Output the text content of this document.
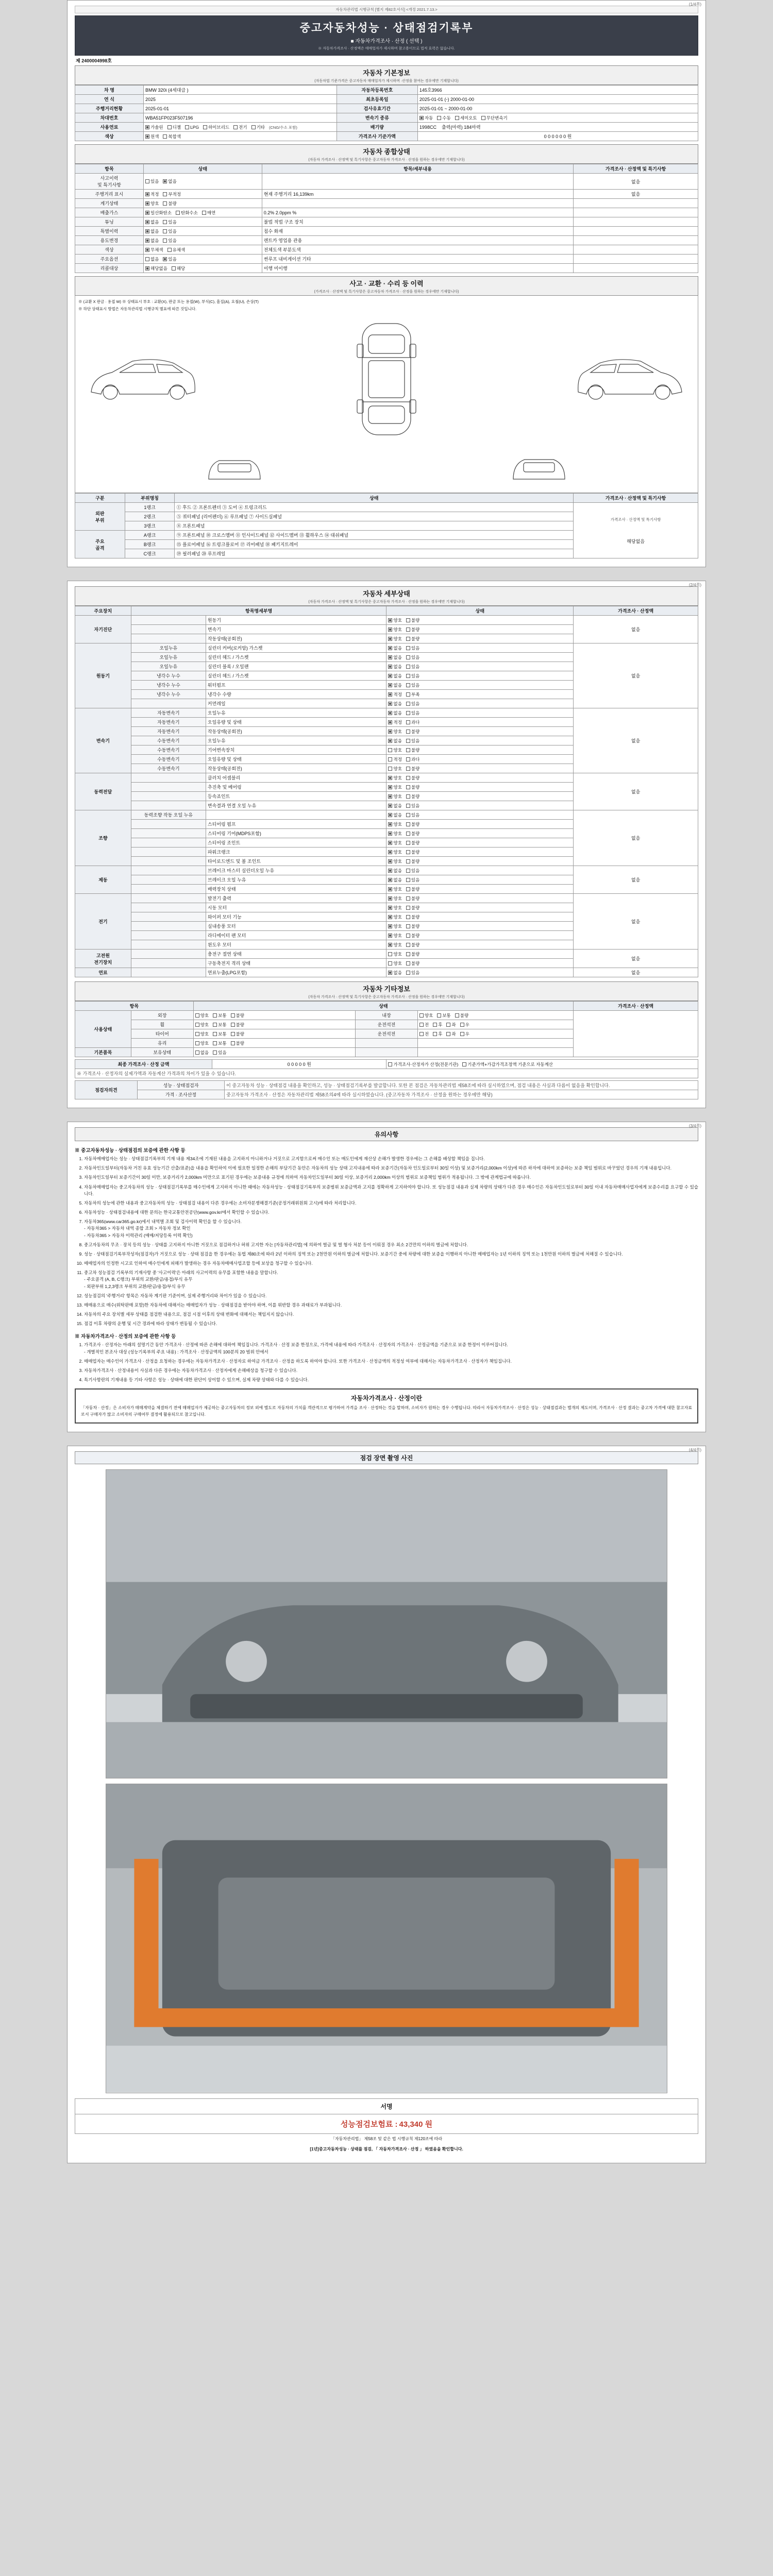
(1/4쪽)
자동차관리법 시행규칙 [별지 제82호서식] <개정 2021.7.13.>
중고자동차성능 · 상태점검기록부
■ 자동차가격조사 · 산정 ( 선택 )
※ 자동차가격조사 · 산정액은 매매업자가 제시하며 참고용이므로 법적 효력은 없습니다.
제 2400004998호
자동차 기본정보
(자동차법 기준가격은 중고자동차 매매업자가 제시하며 ·산정을 참여는 경우에만 기재합니다)
차 명	BMW 320i (4세대급 )	자동차등록번호	145호3966
연 식	2025	최초등록일	2025-01-01 (-) 2000-01-00
주행거리현황	2025-01-01	검사유효기간	2025-01-01 ~ 2000-01-00
차대번호	WBA51FP023F507196	변속기 종류	자동 수동 세미오토 무단변속기
사용연료	가솔린 디젤 LPG 하이브리드 전기 기타 (CNG/수소 포함)	배기량	1998CC 출력(마력) 184마력
색상	원색 복합색	가격조사 기준가액	0 0 0 0 0 0 원
자동차 종합상태
(자동차 가격조사 · 산정액 및 특기사항은 중고자동차 가격조사 · 산정을 원하는 경우에만 기재합니다)
항목	상태	항목/세부내용	가격조사 · 산정액 및 특기사항
사고이력
및 특기사항	있음 없음		없음
주행거리 표시	적정 부적정	현재 주행거리 16,139km	없음
계기상태	양호 불량		
배출가스	일산화탄소 탄화수소 매연	0.2% 2.0ppm %	
튜닝	없음 있음	불법 적법 구조 장치	
특별이력	없음 있음	침수 화재	
용도변경	없음 있음	렌트카 영업용 관용	
색상	무채색 유채색	전체도색 부분도색	
주요옵션	없음 있음	썬루프 내비게이션 기타	
리콜대상	해당없음 해당	이행 미이행	
사고 · 교환 · 수리 등 이력
(가격조사 · 산정액 및 특기사항은 중고자동차 가격조사 · 산정을 원하는 경우에만 기재합니다)
※ (교환 X 판금 · 용접 W) ※ 상태표시 부호 : 교환(X), 판금 또는 용접(W), 부식(C), 흠집(A), 요철(U), 손상(T)
※ 하단 상태표시 방법은 자동차관리법 시행규칙 별표에 따른 것입니다.
구분	부위명칭	상태	가격조사 · 산정액 및 특기사항
외판
부위	1랭크	① 후드 ② 프론트펜더 ③ 도어 ④ 트렁크리드	
가격조사 · 산정액 및 특기사항
해당없음

	2랭크	⑤ 쿼터패널 (리어펜더) ⑥ 루프패널 ⑦ 사이드실패널	
	3랭크	⑧ 프론트패널	
주요
골격	A랭크	⑨ 프론트패널 ⑩ 크로스멤버 ⑪ 인사이드패널 ⑫ 사이드멤버 ⑬ 휠하우스 ⑭ 대쉬패널	
	B랭크	⑮ 플로어패널 ⑯ 트렁크플로어 ⑰ 리어패널 ⑱ 패키지트레이	
	C랭크	⑲ 필러패널 ⑳ 루프레일	
(2/4쪽)
자동차 세부상태
(자동차 가격조사 · 산정액 및 특기사항은 중고자동차 가격조사 · 산정을 원하는 경우에만 기재합니다)
주요장치	항목명세부명		상태	가격조사 · 산정액
자기진단		원동기	양호 불량	없음
		변속기	양호 불량	
		작동상태(공회전)	양호 불량	
원동기	오일누유	실린더 커버(로커암) 가스켓	없음 있음	없음
	오일누유	실린더 헤드 / 가스켓	없음 있음	
	오일누유	실린더 블록 / 오일팬	없음 있음	
	냉각수 누수	실린더 헤드 / 가스켓	없음 있음	
	냉각수 누수	워터펌프	없음 있음	
	냉각수 누수	냉각수 수량	적정 부족	
		커먼레일	없음 있음	
변속기	자동변속기	오일누유	없음 있음	없음
	자동변속기	오일유량 및 상태	적정 과다	
	자동변속기	작동상태(공회전)	양호 불량	
	수동변속기	오일누유	없음 있음	
	수동변속기	기어변속장치	양호 불량	
	수동변속기	오일유량 및 상태	적정 과다	
	수동변속기	작동상태(공회전)	양호 불량	
동력전달		클러치 어셈블리	양호 불량	없음
		추진축 및 베어링	양호 불량	
		등속죠인트	양호 불량	
		변속결과 연결 오일 누유	없음 있음	
조향	동력조향 작동 오일 누유		없음 있음	없음
		스티어링 펌프	양호 불량	
		스티어링 기어(MDPS포함)	양호 불량	
		스티어링 조인트	양호 불량	
		파워크랭크	양호 불량	
		타이로드엔드 및 볼 조인트	양호 불량	
제동		브레이크 마스터 실린더오일 누유	없음 있음	없음
		브레이크 오일 누유	없음 있음	
		배력장치 상태	양호 불량	
전기		발전기 출력	양호 불량	없음
		시동 모터	양호 불량	
		와이퍼 모터 기능	양호 불량	
		실내송풍 모터	양호 불량	
		라디에이터 팬 모터	양호 불량	
		윈도우 모터	양호 불량	
고전원
전기장치		충전구 절연 상태	양호 불량	없음
		구동축전지 격리 상태	양호 불량	
연료		연료누출(LPG포함)	없음 있음	없음
자동차 기타정보
(자동차 가격조사 · 산정액 및 특기사항은 중고자동차 가격조사 · 산정을 원하는 경우에만 기재합니다)
항목		상태			가격조사 · 산정액
사용상태	외장	양호 보통 불량	내장	양호 보통 불량	
	휠	양호 보통 불량	운전석전	전 후 좌 우	
	타이어	양호 보통 불량	운전석전	전 후 좌 우	
	유리	양호 보통 불량			
기본품목	보유상태	없음 있음			
최종 가격조사 · 산정 금액	0 0 0 0 0 원	가격조사·산정자가 산정(전문기관) 기준가액+가감가격조정액 기준으로 자동계산
※ 가격조사 · 산정자의 실제가액과 자동계산 가격과의 차이가 있을 수 있습니다.
점검자의견	성능 · 상태점검자	이 중고자동차 성능 · 상태점검 내용을 확인하고, 성능 · 상태점검기록부를 발급합니다. 또한 본 점검은 자동차관리법 제58조에 따라 실시하였으며, 점검 내용은 사실과 다름이 없음을 확인합니다.
	가격 · 조사산정	중고자동차 가격조사 · 산정은 자동차관리법 제58조의4에 따라 실시하였습니다. (중고자동차 가격조사 · 산정을 원하는 경우에만 해당)
(3/4쪽)
유의사항
※ 중고자동차성능 · 상태점검의 보증에 관한 사항 등
1. 자동차매매업자는 성능 · 상태점검기록부의 기재 내용 제34조에 기재된 내용을 고지하지 아니하거나 거짓으로 고지함으로써 매수인 또는 매도인에게 재산상 손해가 발생한 경우에는 그 손해를 배상할 책임을 집니다.
2. 자동차인도일부터(자동차 거친 유효 성능기간 산출/표준)을 내용을 확인하여 이에 필요한 일정한 손해의 부담기간 동안은 자동차의 성능 상태 고지내용에 따라 보증기간(자동차 인도일로부터 30일 이상) 및 보증거리(2,000km 이상)에 따른 하자에 대하여 보증하는 보증 책임 범위로 바꾸었던 경우의 기재 내용입니다.
3. 자동차인도일부터 보증기간이 30일 미만, 보증거리가 2,000km 미만으로 표기된 경우에는 보증내용 규정에 의하여 자동차인도일부터 30일 이상, 보증거리 2,000km 이상의 범위로 보증책임 범위가 적용됩니다. 그 밖에 관계법규에 따릅니다.
4. 자동차매매업자는 중고자동차의 성능 · 상태점검기록부를 매수인에게 고지하지 아니한 때에는 자동차성능 · 상태점검기록부의 보증범위 보증금액과 고지를 정확하게 고지하여야 합니다. 또 성능점검 내용과 실제 차량의 상태가 다른 경우 매수인은 자동차인도일로부터 30일 이내 자동차매매사업자에게 보증수리를 요구할 수 있습니다.
5. 자동차의 성능에 관한 내용과 중고자동차의 성능 · 상태점검 내용이 다른 경우에는 소비자분쟁해결기준(공정거래위원회 고시)에 따라 처리합니다.
6. 자동차성능 · 상태점검내용에 대한 문의는 한국교통안전공단(www.gov.kr/에서 확인할 수 있습니다.
7. 자동차365(www.car365.go.kr)에서 내역별 조회 및 검사이력 확인을 할 수 있습니다.
- 자동차365 > 자동차 내역 종합 조회 > 자동차 정보 확인
- 자동차365 > 자동차 이력관리 (매매/저당등록 이력 확인)
8. 중고자동차의 무조 · 장치 등의 성능 · 상태를 고지하지 아니한 거짓으로 점검하거나 허위 고지한 자는 [자동차관리법] 에 의하여 벌금 및 벌 형사 처분 등이 이뤄질 경우 최소 2건만의 이하의 벌금에 처합니다.
9. 성능 · 상태점검기록부작성자(점검자)가 거짓으로 성능 · 상태 점검을 한 경우에는 동법 제80조에 따라 2년 이하의 징역 또는 2천만원 이하의 벌금에 처합니다. 보증기간 중에 차량에 대한 보증을 이행하지 아니한 매매업자는 1년 이하의 징역 또는 1천만원 이하의 벌금에 처해질 수 있습니다.
10. 매매업자의 인정한 시고로 인하여 매수인에게 피해가 발생하는 경우 자동차매매사업조합 등에 보상을 청구할 수 있습니다.
11. 중고차 성능점검 기록부의 기재사항 중 '사고이력'은 아래의 사고이력의 유무를 포함한 내용을 말합니다.
- 주요골격 (A, B, C랭크) 부위의 교환/판금/용접/부식 유무
- 외판부위 1,2,3랭크 부위의 교환/판금/용접/부식 유무
12. 성능점검의 '주행거리' 항목은 자동차 계기판 기준이며, 실제 주행거리와 차이가 있을 수 있습니다.
13. 매매용으로 매수(위탁판매 포함)한 자동차에 대해서는 매매업자가 성능 · 상태점검을 받아야 하며, 이를 위반할 경우 과태료가 부과됩니다.
14. 자동차의 주요 장치별 세부 상태를 점검한 내용으로, 점검 시점 이후의 상태 변화에 대해서는 책임지지 않습니다.
15. 점검 이후 차량의 운행 및 시간 경과에 따라 상태가 변동될 수 있습니다.
※ 자동차가격조사 · 산정의 보증에 관한 사항 등
1. 가격조사 · 산정자는 아래의 설명기간 동안 가격조사 · 산정에 따른 손해에 대하여 책임집니다. 가격조사 · 산정 보증 한정으로, 가격에 내용에 따라 가격조사 · 산정자의 가격조사 · 산정금액을 기준으로 보증 한정이 이루어집니다.
- 개별적인 본조사 대상 (성능기록부의 주요 내용) : 가격조사 · 산정금액의 100분의 20 범위 안에서
2. 매매업자는 매수인이 가격조사 · 산정을 요청하는 경우에는 자동차가격조사 · 산정자로 하여금 가격조사 · 산정을 하도록 하여야 합니다. 또한 가격조사 · 산정금액의 적정성 여부에 대해서는 자동차가격조사 · 산정자가 책임집니다.
3. 자동차가격조사 · 산정내용이 사실과 다른 경우에는 자동차가격조사 · 산정자에게 손해배상을 청구할 수 있습니다.
4. 특기사항란의 기재내용 등 기타 사항은 성능 · 상태에 대한 판단이 상이할 수 있으며, 실제 차량 상태와 다를 수 있습니다.
자동차가격조사 · 산정이란

「자동차 · 산정」은 소비자가 매매계약을 체결하기 전에 매매업자가 제공하는 중고자동차의 정보 외에 별도로 자동차의 가치를 객관적으로 평가하여 가격을 조사 · 산정하는 것을 말하며, 소비자가 원하는 경우 수행됩니다. 따라서 자동차가격조사 · 산정은 성능 · 상태점검과는 별개의 제도이며, 가격조사 · 산정 결과는 중고차 가격에 대한 참고자료로서 구매자가 많고 소비자의 구매여부 결정에 활용되므로 참고입니다.

(4/4쪽)
점검 장면 촬영 사진
서명
성능점검보험료 : 43,340 원
「자동차관리법」 제58조 및 같은 법 시행규칙 제120조에 따라
[1년]중고자동차성능 · 상태를 점검, 「 자동차가격조사 · 산정 」 하였음을 확인합니다.
